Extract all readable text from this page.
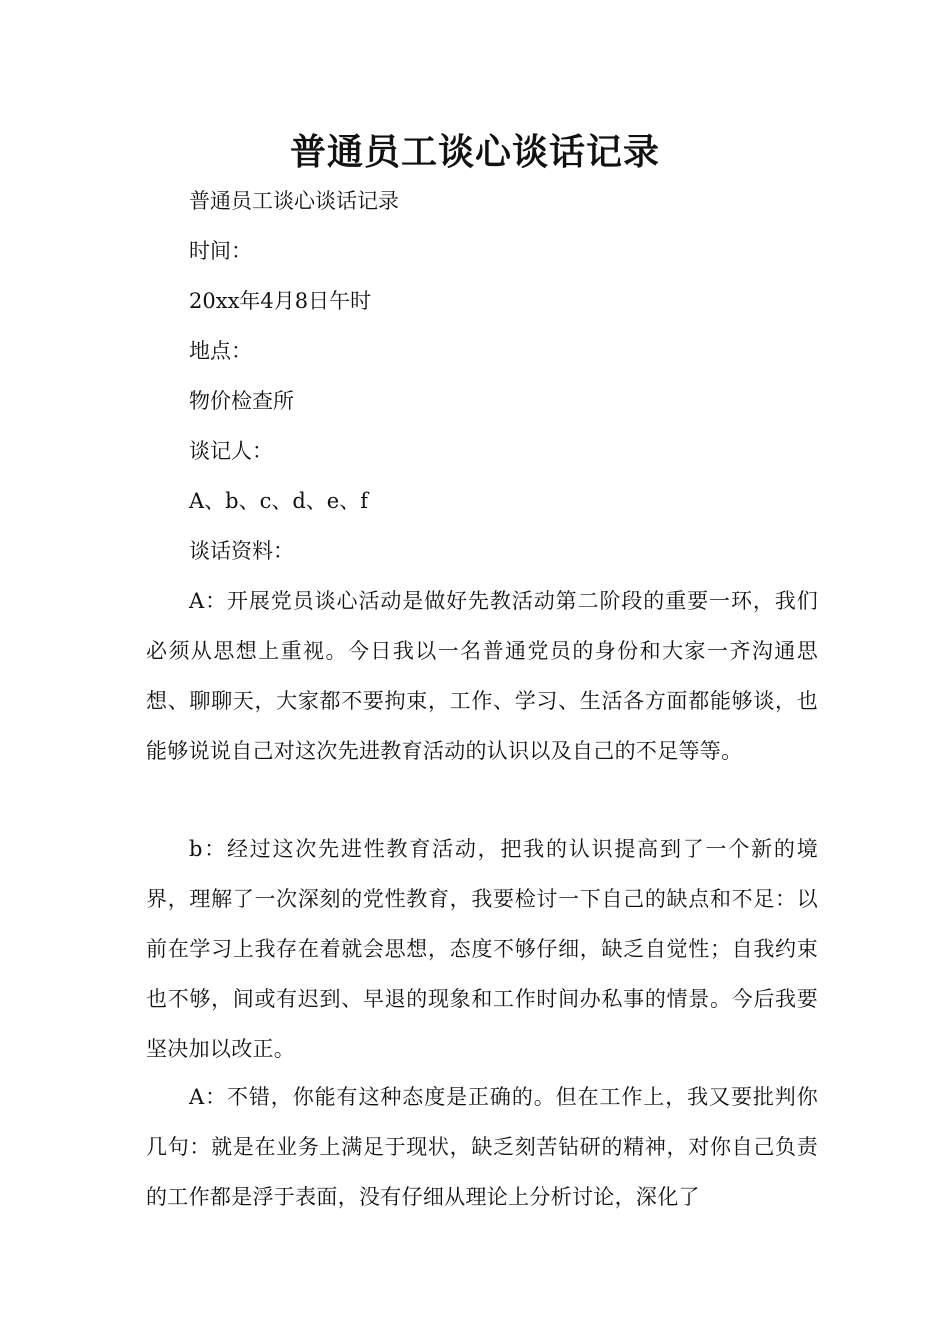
普通员工谈心谈话记录

普通员工谈心谈话记录

时间：

20xx年4月8日午时

地点：

物价检查所

谈记人：

A、b、c、d、e、f

谈话资料：

A：开展党员谈心活动是做好先教活动第二阶段的重要一环，我们必须从思想上重视。今日我以一名普通党员的身份和大家一齐沟通思想、聊聊天，大家都不要拘束，工作、学习、生活各方面都能够谈，也能够说说自己对这次先进教育活动的认识以及自己的不足等等。

b：经过这次先进性教育活动，把我的认识提高到了一个新的境界，理解了一次深刻的党性教育，我要检讨一下自己的缺点和不足：以前在学习上我存在着就会思想，态度不够仔细，缺乏自觉性；自我约束也不够，间或有迟到、早退的现象和工作时间办私事的情景。今后我要坚决加以改正。

A：不错，你能有这种态度是正确的。但在工作上，我又要批判你几句：就是在业务上满足于现状，缺乏刻苦钻研的精神，对你自己负责的工作都是浮于表面，没有仔细从理论上分析讨论，深化了
